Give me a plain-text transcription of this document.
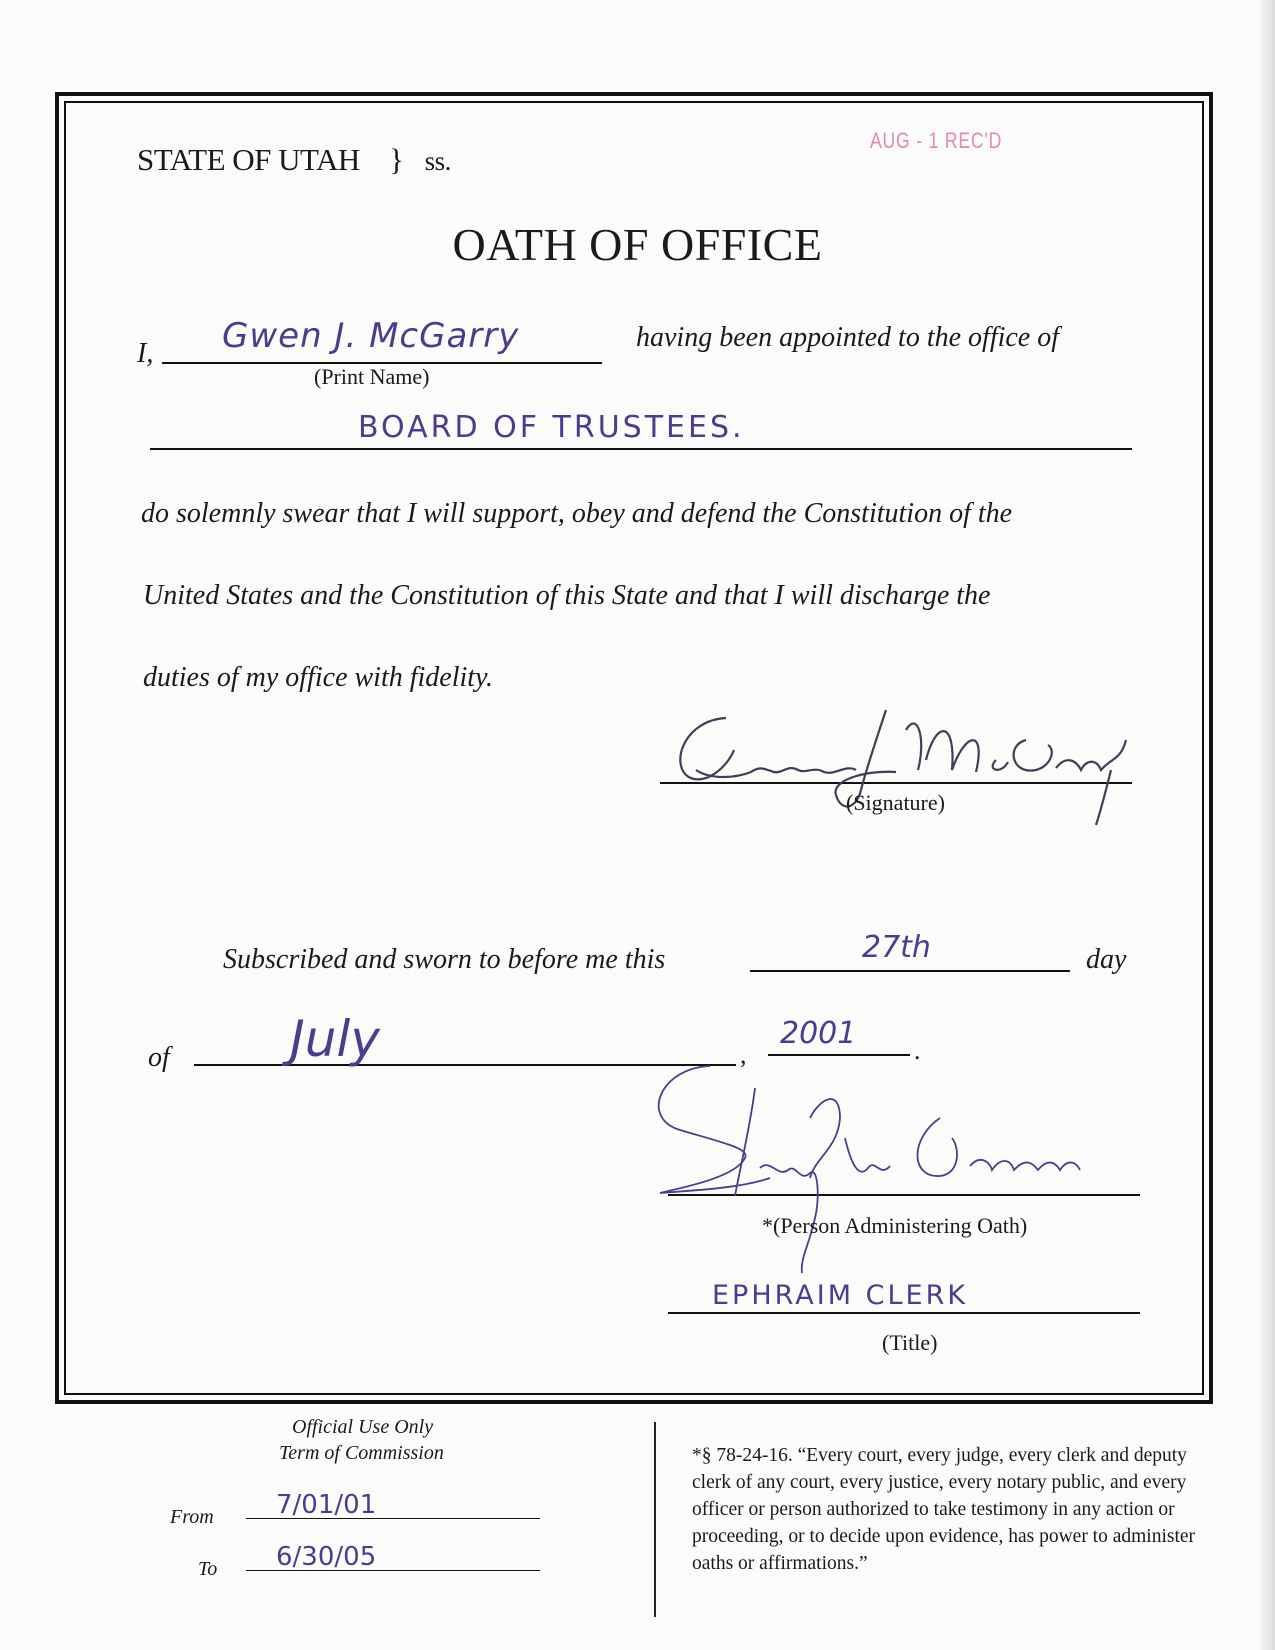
STATE OF UTAH } ss.
AUG - 1 REC'D
OATH OF OFFICE
I, Gwen J. McGarry
(Print Name)
having been appointed to the office of
BOARD OF TRUSTEES.
do solemnly swear that I will support, obey and defend the Constitution of the
United States and the Constitution of this State and that I will discharge the
duties of my office with fidelity.
(Signature)
Subscribed and sworn to before me this	27th	day
of July	,
2001 .
*(Person Administering Oath)
EPHRAIM CLERK
(Title)
Official Use Only
Term of Commission
From 7/01/01
To 6/30/05
*§ 78-24-16. “Every court, every judge, every clerk and deputy clerk of any court, every justice, every notary public, and every officer or person authorized to take testimony in any action or proceeding, or to decide upon evidence, has power to administer oaths or affirmations.”
